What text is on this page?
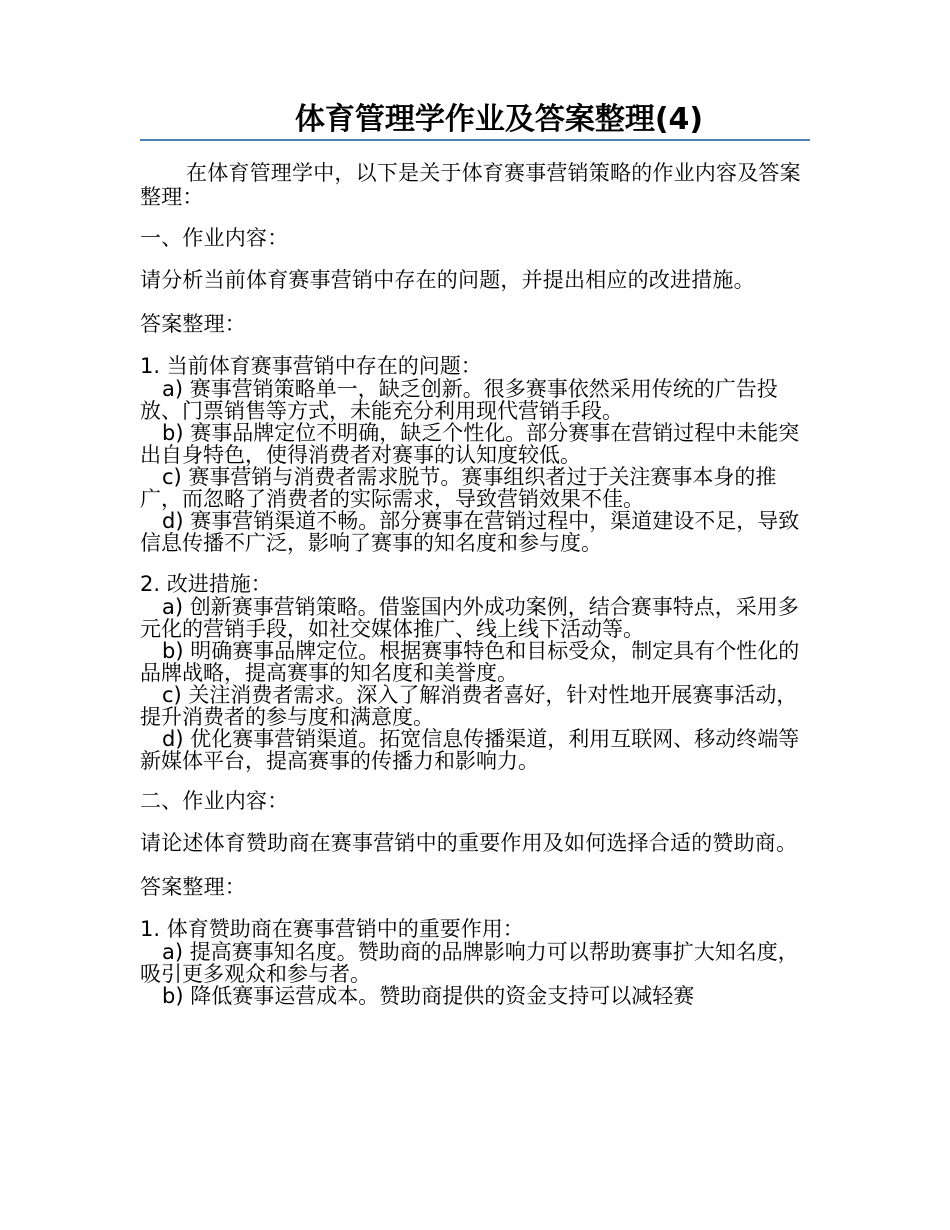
体育管理学作业及答案整理(4)

在体育管理学中，以下是关于体育赛事营销策略的作业内容及答案整理：

一、作业内容：

请分析当前体育赛事营销中存在的问题，并提出相应的改进措施。

答案整理：

1. 当前体育赛事营销中存在的问题：

a) 赛事营销策略单一，缺乏创新。很多赛事依然采用传统的广告投放、门票销售等方式，未能充分利用现代营销手段。

b) 赛事品牌定位不明确，缺乏个性化。部分赛事在营销过程中未能突出自身特色，使得消费者对赛事的认知度较低。

c) 赛事营销与消费者需求脱节。赛事组织者过于关注赛事本身的推广，而忽略了消费者的实际需求，导致营销效果不佳。

d) 赛事营销渠道不畅。部分赛事在营销过程中，渠道建设不足，导致信息传播不广泛，影响了赛事的知名度和参与度。

2. 改进措施：

a) 创新赛事营销策略。借鉴国内外成功案例，结合赛事特点，采用多元化的营销手段，如社交媒体推广、线上线下活动等。

b) 明确赛事品牌定位。根据赛事特色和目标受众，制定具有个性化的品牌战略，提高赛事的知名度和美誉度。

c) 关注消费者需求。深入了解消费者喜好，针对性地开展赛事活动，提升消费者的参与度和满意度。

d) 优化赛事营销渠道。拓宽信息传播渠道，利用互联网、移动终端等新媒体平台，提高赛事的传播力和影响力。

二、作业内容：

请论述体育赞助商在赛事营销中的重要作用及如何选择合适的赞助商。

答案整理：

1. 体育赞助商在赛事营销中的重要作用：

a) 提高赛事知名度。赞助商的品牌影响力可以帮助赛事扩大知名度，吸引更多观众和参与者。

b) 降低赛事运营成本。赞助商提供的资金支持可以减轻赛
